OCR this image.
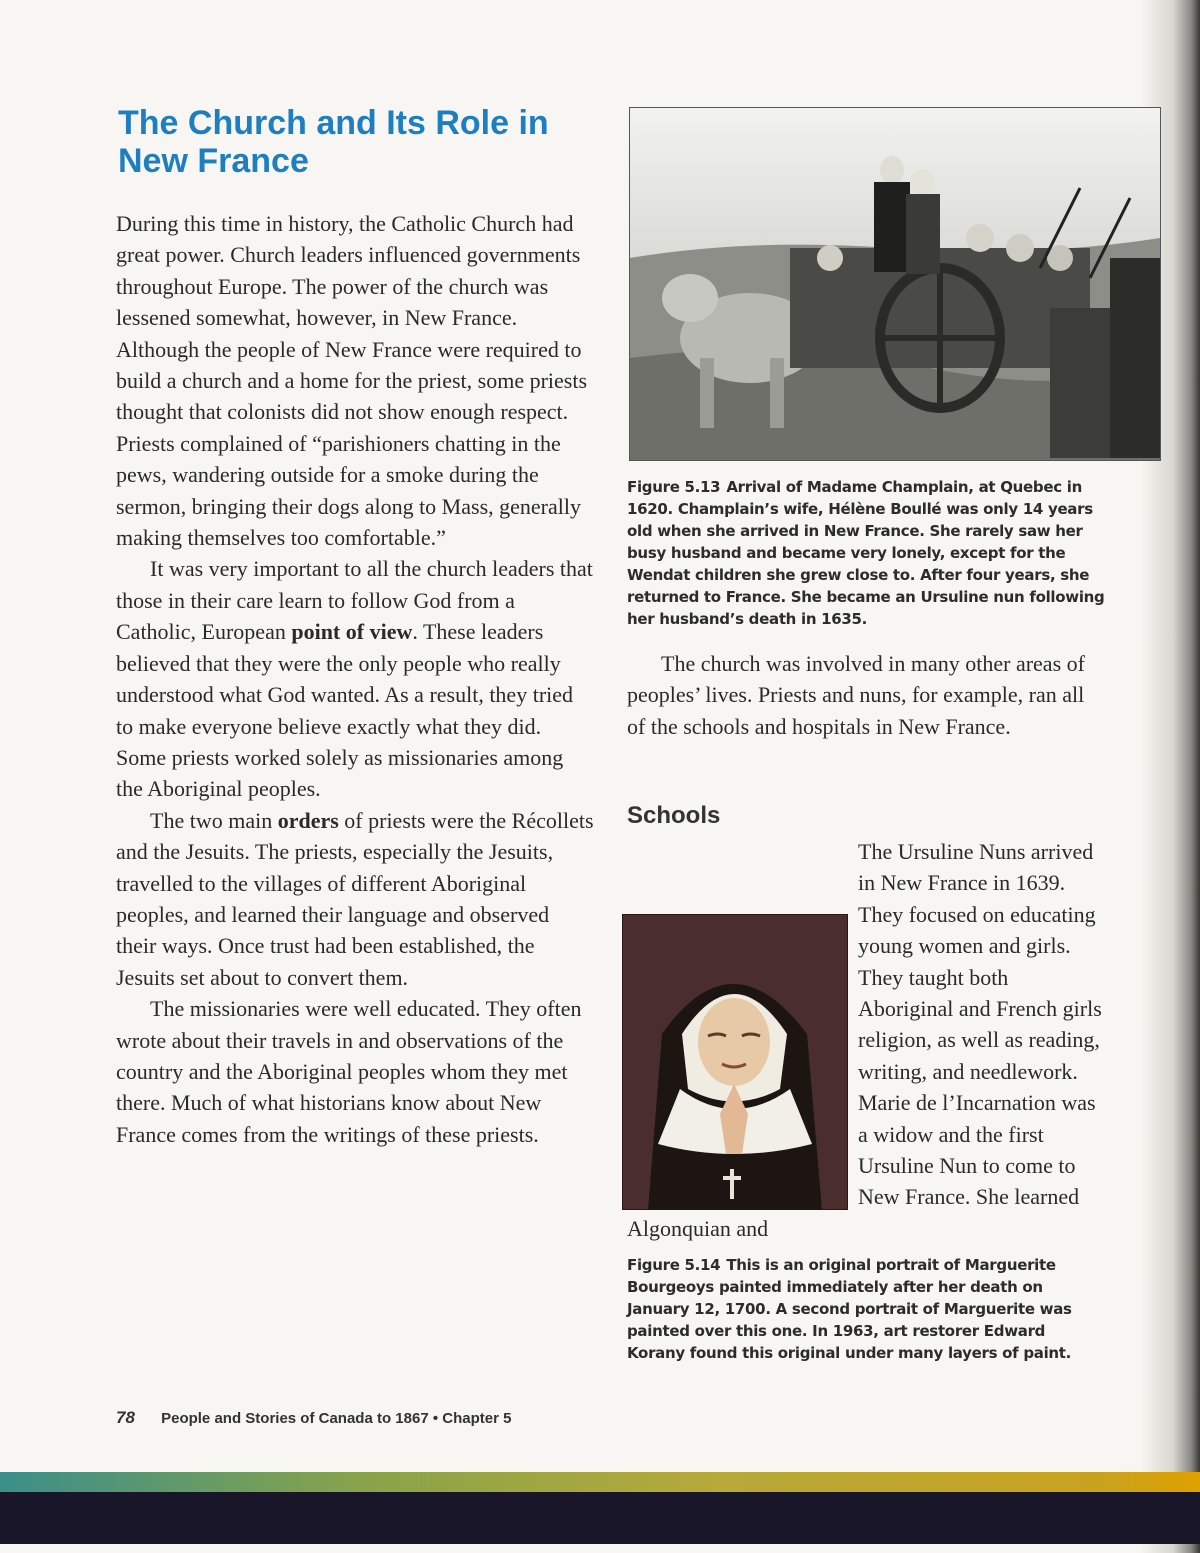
The Church and Its Role in New France

During this time in history, the Catholic Church had great power. Church leaders influenced governments throughout Europe. The power of the church was lessened somewhat, however, in New France. Although the people of New France were required to build a church and a home for the priest, some priests thought that colonists did not show enough respect. Priests complained of “parishioners chatting in the pews, wandering outside for a smoke during the sermon, bringing their dogs along to Mass, generally making themselves too comfortable.”

It was very important to all the church leaders that those in their care learn to follow God from a Catholic, European point of view. These leaders believed that they were the only people who really understood what God wanted. As a result, they tried to make everyone believe exactly what they did. Some priests worked solely as missionaries among the Aboriginal peoples.

The two main orders of priests were the Récollets and the Jesuits. The priests, especially the Jesuits, travelled to the villages of different Aboriginal peoples, and learned their language and observed their ways. Once trust had been established, the Jesuits set about to convert them.

The missionaries were well educated. They often wrote about their travels in and observations of the country and the Aboriginal peoples whom they met there. Much of what historians know about New France comes from the writings of these priests.

Figure 5.13 Arrival of Madame Champlain, at Quebec in 1620. Champlain’s wife, Hélène Boullé was only 14 years old when she arrived in New France. She rarely saw her busy husband and became very lonely, except for the Wendat children she grew close to. After four years, she returned to France. She became an Ursuline nun following her husband’s death in 1635.

The church was involved in many other areas of peoples’ lives. Priests and nuns, for example, ran all of the schools and hospitals in New France.

Schools
The Ursuline Nuns arrived in New France in 1639. They focused on educating young women and girls. They taught both Aboriginal and French girls religion, as well as reading, writing, and needlework. Marie de l’Incarnation was a widow and the first Ursuline Nun to come to New France. She learned Algonquian and
Figure 5.14 This is an original portrait of Marguerite Bourgeoys painted immediately after her death on January 12, 1700. A second portrait of Marguerite was painted over this one. In 1963, art restorer Edward Korany found this original under many layers of paint.
78 People and Stories of Canada to 1867 • Chapter 5
